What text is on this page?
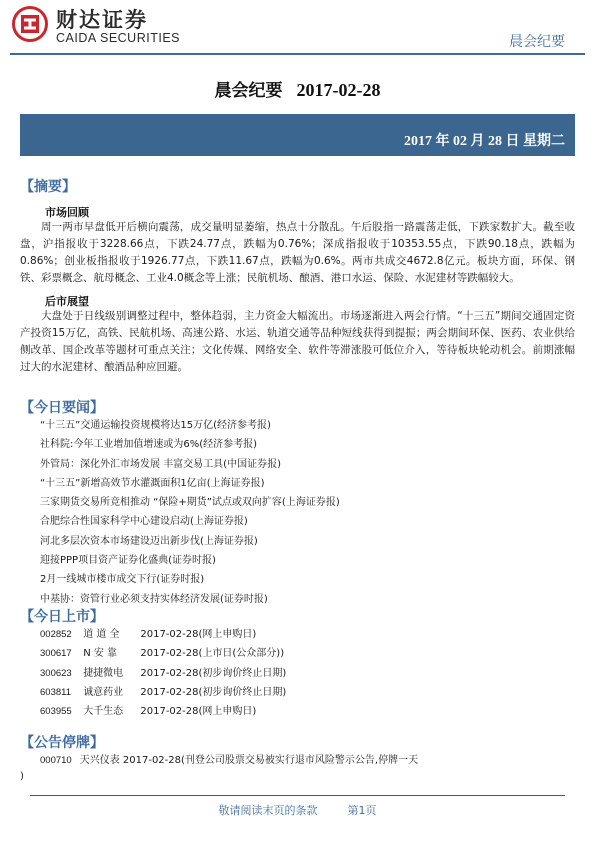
财达证券
CAIDA SECURITIES	晨会纪要
晨会纪要 2017-02-28
2017 年 02 月 28 日 星期二
【摘要】
市场回顾

周一两市早盘低开后横向震荡，成交量明显萎缩，热点十分散乱。午后股指一路震荡走低，下跌家数扩大。截至收盘，沪指报收于3228.66点，下跌24.77点，跌幅为0.76%；深成指报收于10353.55点，下跌90.18点，跌幅为0.86%；创业板指报收于1926.77点，下跌11.67点，跌幅为0.6%。两市共成交4672.8亿元。板块方面，环保、钢铁、彩票概念、航母概念、工业4.0概念等上涨；民航机场、酿酒、港口水运、保险、水泥建材等跌幅较大。

后市展望

大盘处于日线级别调整过程中，整体趋弱，主力资金大幅流出。市场逐渐进入两会行情。“十三五”期间交通固定资产投资15万亿，高铁、民航机场、高速公路、水运、轨道交通等品种短线获得到提振；两会期间环保、医药、农业供给侧改革、国企改革等题材可重点关注；文化传媒、网络安全、软件等滞涨股可低位介入，等待板块轮动机会。前期涨幅过大的水泥建材、酿酒品种应回避。

【今日要闻】
“十三五”交通运输投资规模将达15万亿(经济参考报)
社科院:今年工业增加值增速或为6%(经济参考报)
外管局：深化外汇市场发展 丰富交易工具(中国证券报)
“十三五”新增高效节水灌溉面积1亿亩(上海证券报)
三家期货交易所竞相推动 “保险+期货”试点或双向扩容(上海证券报)
合肥综合性国家科学中心建设启动(上海证券报)
河北多层次资本市场建设迈出新步伐(上海证券报)
迎接PPP项目资产证券化盛典(证券时报)
2月一线城市楼市成交下行(证券时报)
中基协：资管行业必须支持实体经济发展(证券时报)
【今日上市】
002852 道 道 全 2017-02-28(网上申购日)
300617 N 安 靠 2017-02-28(上市日(公众部分))
300623 捷捷微电 2017-02-28(初步询价终止日期)
603811 诚意药业 2017-02-28(初步询价终止日期)
603955 大千生态 2017-02-28(网上申购日)
【公告停牌】
000710 天兴仪表 2017-02-28(刊登公司股票交易被实行退市风险警示公告,停牌一天
)
敬请阅读末页的条款	第1页
